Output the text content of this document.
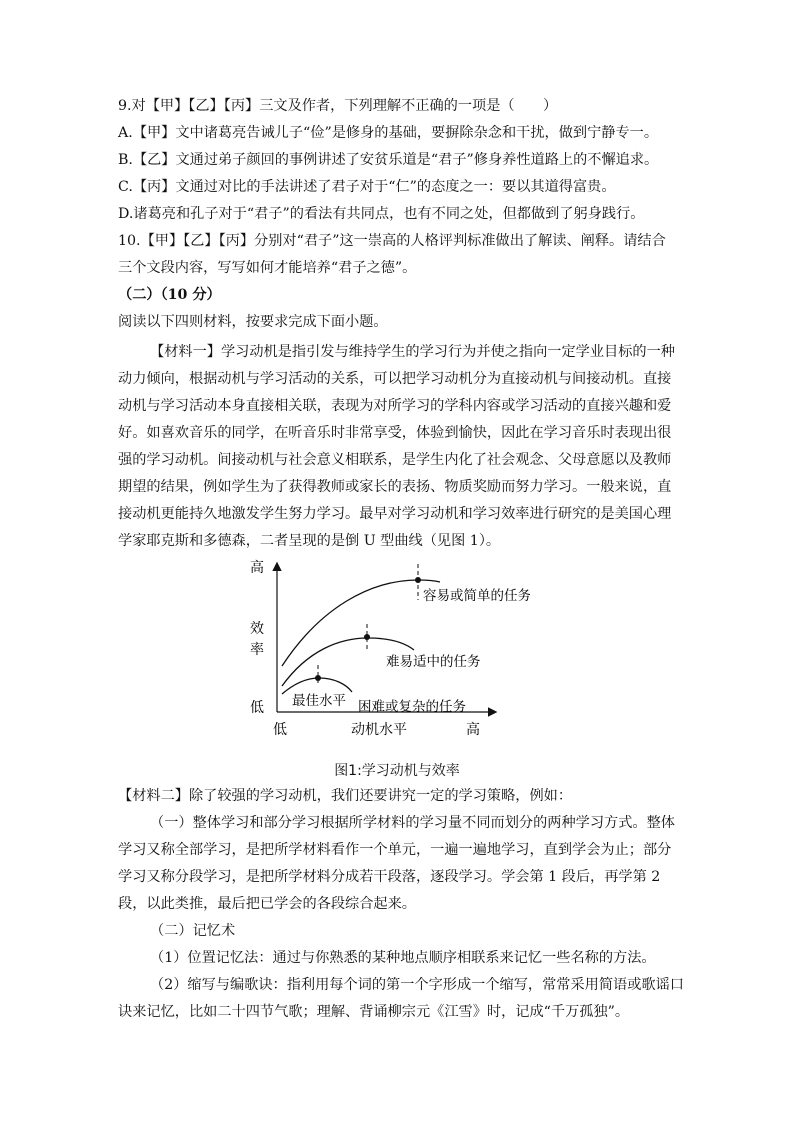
9.对【甲】【乙】【丙】三文及作者，下列理解不正确的一项是（　　）
A.【甲】文中诸葛亮告诫儿子“俭”是修身的基础，要摒除杂念和干扰，做到宁静专一。
B.【乙】文通过弟子颜回的事例讲述了安贫乐道是“君子”修身养性道路上的不懈追求。
C.【丙】文通过对比的手法讲述了君子对于“仁”的态度之一：要以其道得富贵。
D.诸葛亮和孔子对于“君子”的看法有共同点，也有不同之处，但都做到了躬身践行。
10.【甲】【乙】【丙】分别对“君子”这一崇高的人格评判标准做出了解读、阐释。请结合
三个文段内容，写写如何才能培养“君子之德”。
（二）（10 分）
阅读以下四则材料，按要求完成下面小题。
【材料一】学习动机是指引发与维持学生的学习行为并使之指向一定学业目标的一种
动力倾向，根据动机与学习活动的关系，可以把学习动机分为直接动机与间接动机。直接
动机与学习活动本身直接相关联，表现为对所学习的学科内容或学习活动的直接兴趣和爱
好。如喜欢音乐的同学，在听音乐时非常享受，体验到愉快，因此在学习音乐时表现出很
强的学习动机。间接动机与社会意义相联系，是学生内化了社会观念、父母意愿以及教师
期望的结果，例如学生为了获得教师或家长的表扬、物质奖励而努力学习。一般来说，直
接动机更能持久地激发学生努力学习。最早对学习动机和学习效率进行研究的是美国心理
学家耶克斯和多德森，二者呈现的是倒 U 型曲线（见图 1）。
高
效
率
低
低	动机水平	高
容易或简单的任务
难易适中的任务
最佳水平 困难或复杂的任务
图1:学习动机与效率
【材料二】除了较强的学习动机，我们还要讲究一定的学习策略，例如：
（一）整体学习和部分学习根据所学材料的学习量不同而划分的两种学习方式。整体
学习又称全部学习，是把所学材料看作一个单元，一遍一遍地学习，直到学会为止；部分
学习又称分段学习，是把所学材料分成若干段落，逐段学习。学会第 1 段后，再学第 2
段，以此类推，最后把已学会的各段综合起来。
（二）记忆术
（1）位置记忆法：通过与你熟悉的某种地点顺序相联系来记忆一些名称的方法。
（2）缩写与编歌诀：指利用每个词的第一个字形成一个缩写，常常采用简语或歌谣口
诀来记忆，比如二十四节气歌；理解、背诵柳宗元《江雪》时，记成“千万孤独”。
